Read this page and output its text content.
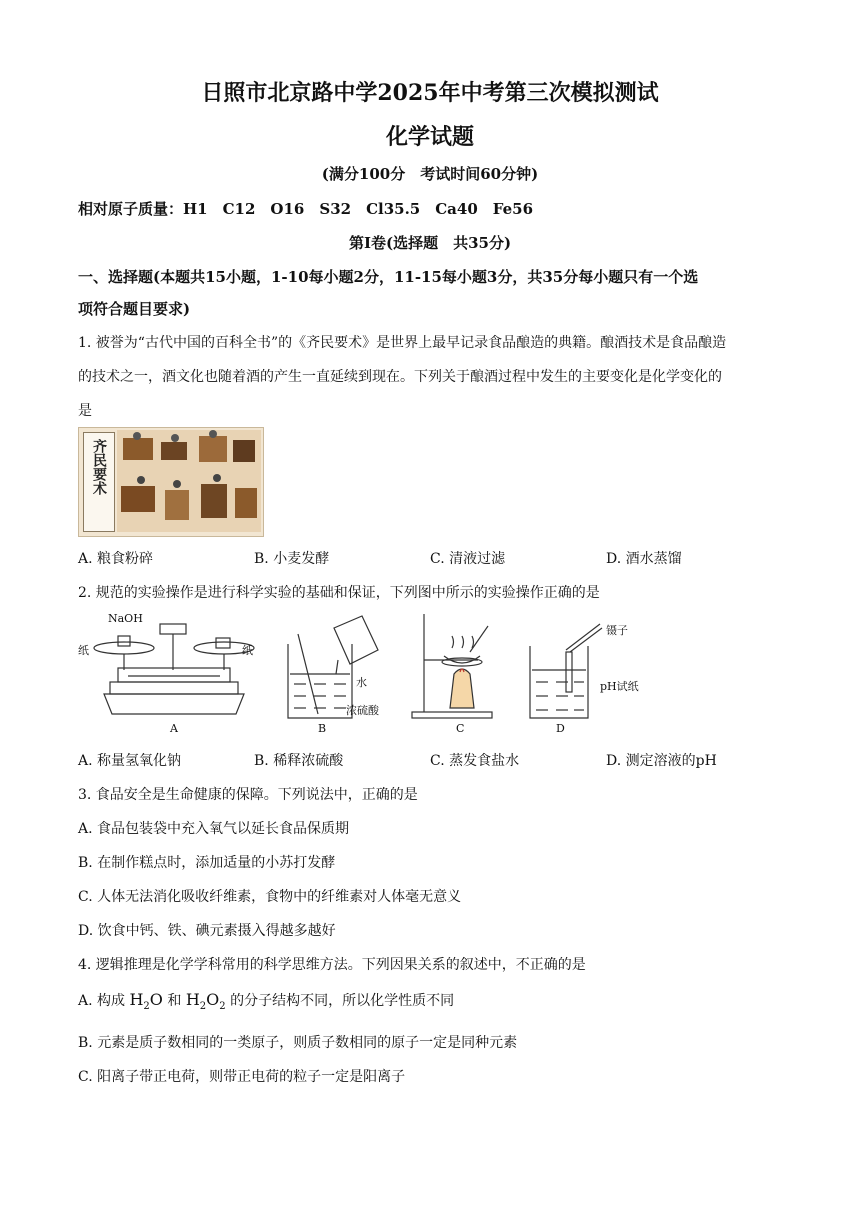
日照市北京路中学2025年中考第三次模拟测试
化学试题
(满分100分　考试时间60分钟)
相对原子质量：H1　C12　O16　S32　Cl35.5　Ca40　Fe56
第Ⅰ卷(选择题　共35分)
一、选择题(本题共15小题，1-10每小题2分，11-15每小题3分，共35分每小题只有一个选
项符合题目要求)
1. 被誉为“古代中国的百科全书”的《齐民要术》是世界上最早记录食品酿造的典籍。酿酒技术是食品酿造
的技术之一，酒文化也随着酒的产生一直延续到现在。下列关于酿酒过程中发生的主要变化是化学变化的
是
齐民要术
A. 粮食粉碎	B. 小麦发酵	C. 清液过滤	D. 酒水蒸馏
2. 规范的实验操作是进行科学实验的基础和保证，下列图中所示的实验操作正确的是
NaOH
纸	纸
A
水
浓硫酸
B	C
镊子
pH试纸
D
A. 称量氢氧化钠	B. 稀释浓硫酸	C. 蒸发食盐水	D. 测定溶液的pH
3. 食品安全是生命健康的保障。下列说法中，正确的是
A. 食品包装袋中充入氧气以延长食品保质期
B. 在制作糕点时，添加适量的小苏打发酵
C. 人体无法消化吸收纤维素，食物中的纤维素对人体毫无意义
D. 饮食中钙、铁、碘元素摄入得越多越好
4. 逻辑推理是化学学科常用的科学思维方法。下列因果关系的叙述中，不正确的是
A. 构成 $H_2O$ 和 $H_2O_2$ 的分子结构不同，所以化学性质不同
B. 元素是质子数相同的一类原子，则质子数相同的原子一定是同种元素
C. 阳离子带正电荷，则带正电荷的粒子一定是阳离子
